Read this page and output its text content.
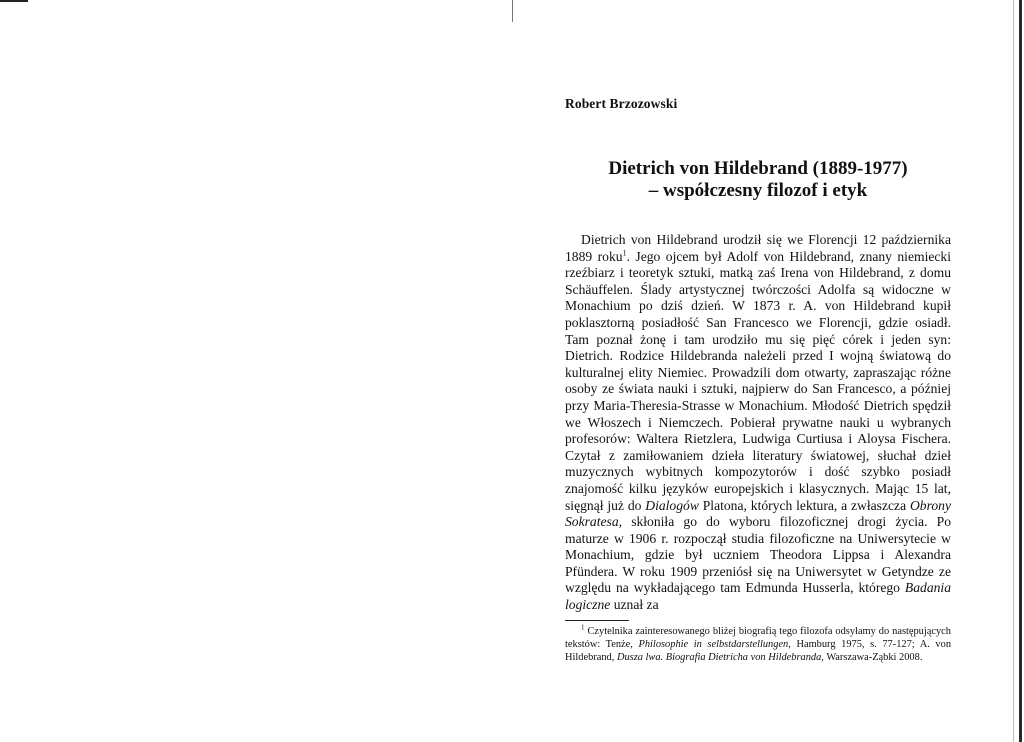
Robert Brzozowski
Dietrich von Hildebrand (1889-1977)
– współczesny filozof i etyk

Dietrich von Hildebrand urodził się we Florencji 12 października 1889 roku$^1$. Jego ojcem był Adolf von Hildebrand, znany niemiecki rzeźbiarz i teoretyk sztuki, matką zaś Irena von Hildebrand, z domu Schäuffelen. Ślady artystycznej twórczości Adolfa są widoczne w Monachium po dziś dzień. W 1873 r. A. von Hildebrand kupił poklasztorną posiadłość San Francesco we Florencji, gdzie osiadł. Tam poznał żonę i tam urodziło mu się pięć córek i jeden syn: Dietrich. Rodzice Hildebranda należeli przed I wojną światową do kulturalnej elity Niemiec. Prowadzili dom otwarty, zapraszając różne osoby ze świata nauki i sztuki, najpierw do San Francesco, a później przy Maria-Theresia-Strasse w Monachium. Młodość Dietrich spędził we Włoszech i Niemczech. Pobierał prywatne nauki u wybranych profesorów: Waltera Rietzlera, Ludwiga Curtiusa i Aloysa Fischera. Czytał z zamiłowaniem dzieła literatury światowej, słuchał dzieł muzycznych wybitnych kompozytorów i dość szybko posiadł znajomość kilku języków europejskich i klasycznych. Mając 15 lat, sięgnął już do Dialogów Platona, których lektura, a zwłaszcza Obrony Sokratesa, skłoniła go do wyboru filozoficznej drogi życia. Po maturze w 1906 r. rozpoczął studia filozoficzne na Uniwersytecie w Monachium, gdzie był uczniem Theodora Lippsa i Alexandra Pfündera. W roku 1909 przeniósł się na Uniwersytet w Getyndze ze względu na wykładającego tam Edmunda Husserla, którego Badania logiczne uznał za

$^1$ Czytelnika zainteresowanego bliżej biografią tego filozofa odsyłamy do następujących tekstów: Tenże, Philosophie in selbstdarstellungen, Hamburg 1975, s. 77-127; A. von Hildebrand, Dusza lwa. Biografia Dietricha von Hildebranda, Warszawa-Ząbki 2008.
